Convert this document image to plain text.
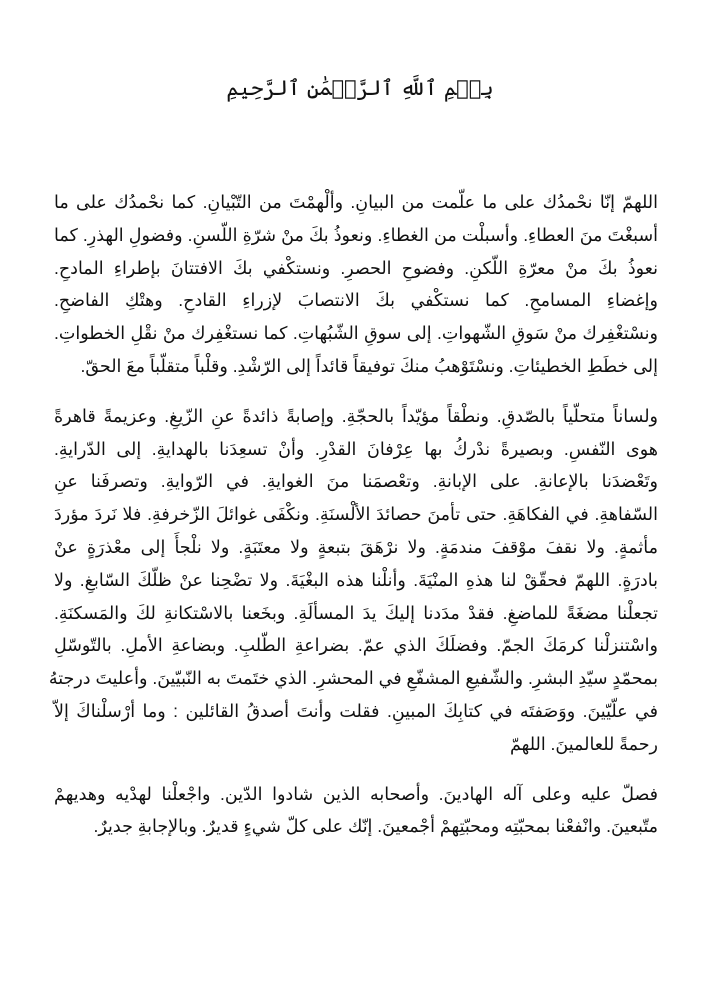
بِسۡمِ ٱللَّهِ ٱلرَّحۡمَٰنِ ٱلرَّحِيمِ

اللهمّ إنّا نحْمدُك على ما علّمت من البيانِ. وألْهمْتَ من التّبْيانِ. كما نحْمدُك على ما
أسبغْتَ منَ العطاءِ. وأسبلْت من الغطاءِ. ونعوذُ بكَ منْ شرّةِ اللّسنِ. وفضولِ الهذرِ. كما
نعوذُ بكَ منْ معرّةِ اللّكنِ. وفضوحِ الحصرِ. ونستكْفي بكَ الافتتانَ بإطراءِ المادحِ.
وإغضاءِ المسامحِ. كما نستكْفي بكَ الانتصابَ لإزراءِ القادحِ. وهتْكِ الفاضحِ.
ونسْتغْفِرك منْ سَوقِ الشّهواتِ. إلى سوقِ الشّبُهاتِ. كما نستغْفِرك منْ نقْلِ الخطواتِ.
إلى خطَطِ الخطيئاتِ. ونسْتَوْهبُ منكَ توفيقاً قائداً إلى الرّشْدِ. وقلْباً متقلّباً معَ الحقّ.

ولساناً متحلّياً بالصّدقِ. ونطْقاً مؤيّداً بالحجّةِ. وإصابةً ذائدةً عنِ الزّيغِ. وعزيمةً قاهرةً
هوى النّفسِ. وبصيرةً ندْركُ بها عِرْفانَ القدْرِ. وأنْ تسعِدَنا بالهدايةِ. إلى الدّرايةِ.
وتَعْضدَنا بالإعانةِ. على الإبانةِ. وتعْصمَنا منَ الغوايةِ. في الرّوايةِ. وتصرفَنا عنِ
السّفاهةِ. في الفكاهَةِ. حتى تأمنَ حصائدَ الألْسنَةِ. ونكْفَى غوائلَ الزّخرفةِ. فلا نَردَ مؤردَ
مأثمةٍ. ولا نقفَ موْقفَ مندمَةٍ. ولا نرْهَقَ بتبعةٍ ولا معتَبَةٍ. ولا نلْجأَ إلى معْذرَةٍ عنْ
بادرَةٍ. اللهمّ فحقّقْ لنا هذهِ المنْيَةَ. وأنلْنا هذه البغْيَةَ. ولا تضْحِنا عنْ ظلّكَ السّابغِ. ولا
تجعلْنا مضغَةً للماضغِ. فقدْ مدَدنا إليكَ يدَ المسألَةِ. وبخَعنا بالاسْتكانةِ لكَ والمَسكنَةِ.
واسْتنزلْنا كرمَكَ الجمّ. وفضلَكَ الذي عمّ. بضراعةِ الطّلبِ. وبضاعةِ الأملِ. بالتّوسّلِ
بمحمّدٍ سيّدِ البشرِ. والشّفيعِ المشفّعِ في المحشرِ. الذي ختَمتَ به النّبيّينَ. وأعليتَ درجتهُ
في علّيّينَ. ووَصَفتَه في كتابِكَ المبينِ. فقلت وأنتَ أصدقُ القائلين : وما أرْسلْناكَ إلاّ
رحمةً للعالمينَ. اللهمّ

فصلّ عليه وعلى آله الهادينَ. وأصحابه الذين شادوا الدّين. واجْعلْنا لهدْيه وهديهمْ
متّبعينَ. وانْفعْنا بمحبّتِه ومحبّتِهمْ أجْمعينَ. إنّك على كلّ شيءٍ قديرٌ. وبالإجابةِ جديرٌ.
